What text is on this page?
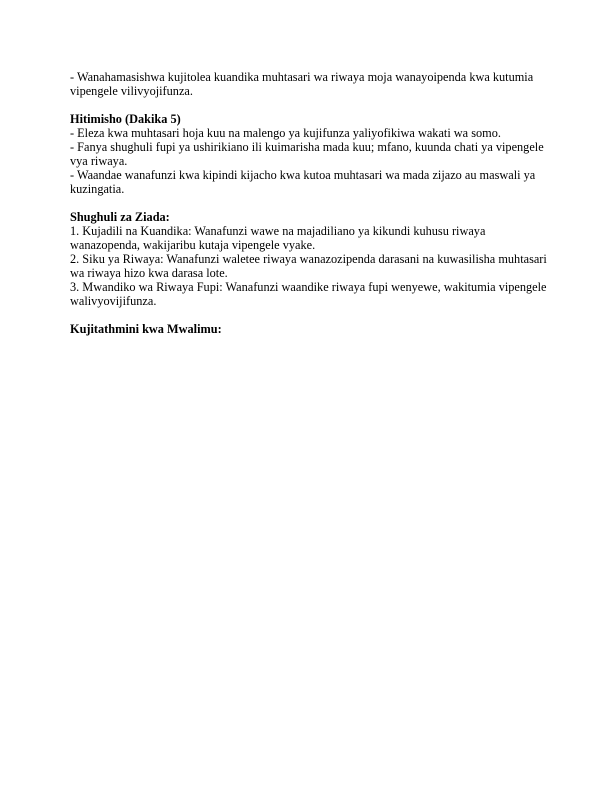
- Wanahamasishwa kujitolea kuandika muhtasari wa riwaya moja wanayoipenda kwa kutumia
vipengele vilivyojifunza.
Hitimisho (Dakika 5)
- Eleza kwa muhtasari hoja kuu na malengo ya kujifunza yaliyofikiwa wakati wa somo.
- Fanya shughuli fupi ya ushirikiano ili kuimarisha mada kuu; mfano, kuunda chati ya vipengele
vya riwaya.
- Waandae wanafunzi kwa kipindi kijacho kwa kutoa muhtasari wa mada zijazo au maswali ya
kuzingatia.
Shughuli za Ziada:
1. Kujadili na Kuandika: Wanafunzi wawe na majadiliano ya kikundi kuhusu riwaya
wanazopenda, wakijaribu kutaja vipengele vyake.
2. Siku ya Riwaya: Wanafunzi waletee riwaya wanazozipenda darasani na kuwasilisha muhtasari
wa riwaya hizo kwa darasa lote.
3. Mwandiko wa Riwaya Fupi: Wanafunzi waandike riwaya fupi wenyewe, wakitumia vipengele
walivyovijifunza.
Kujitathmini kwa Mwalimu:
